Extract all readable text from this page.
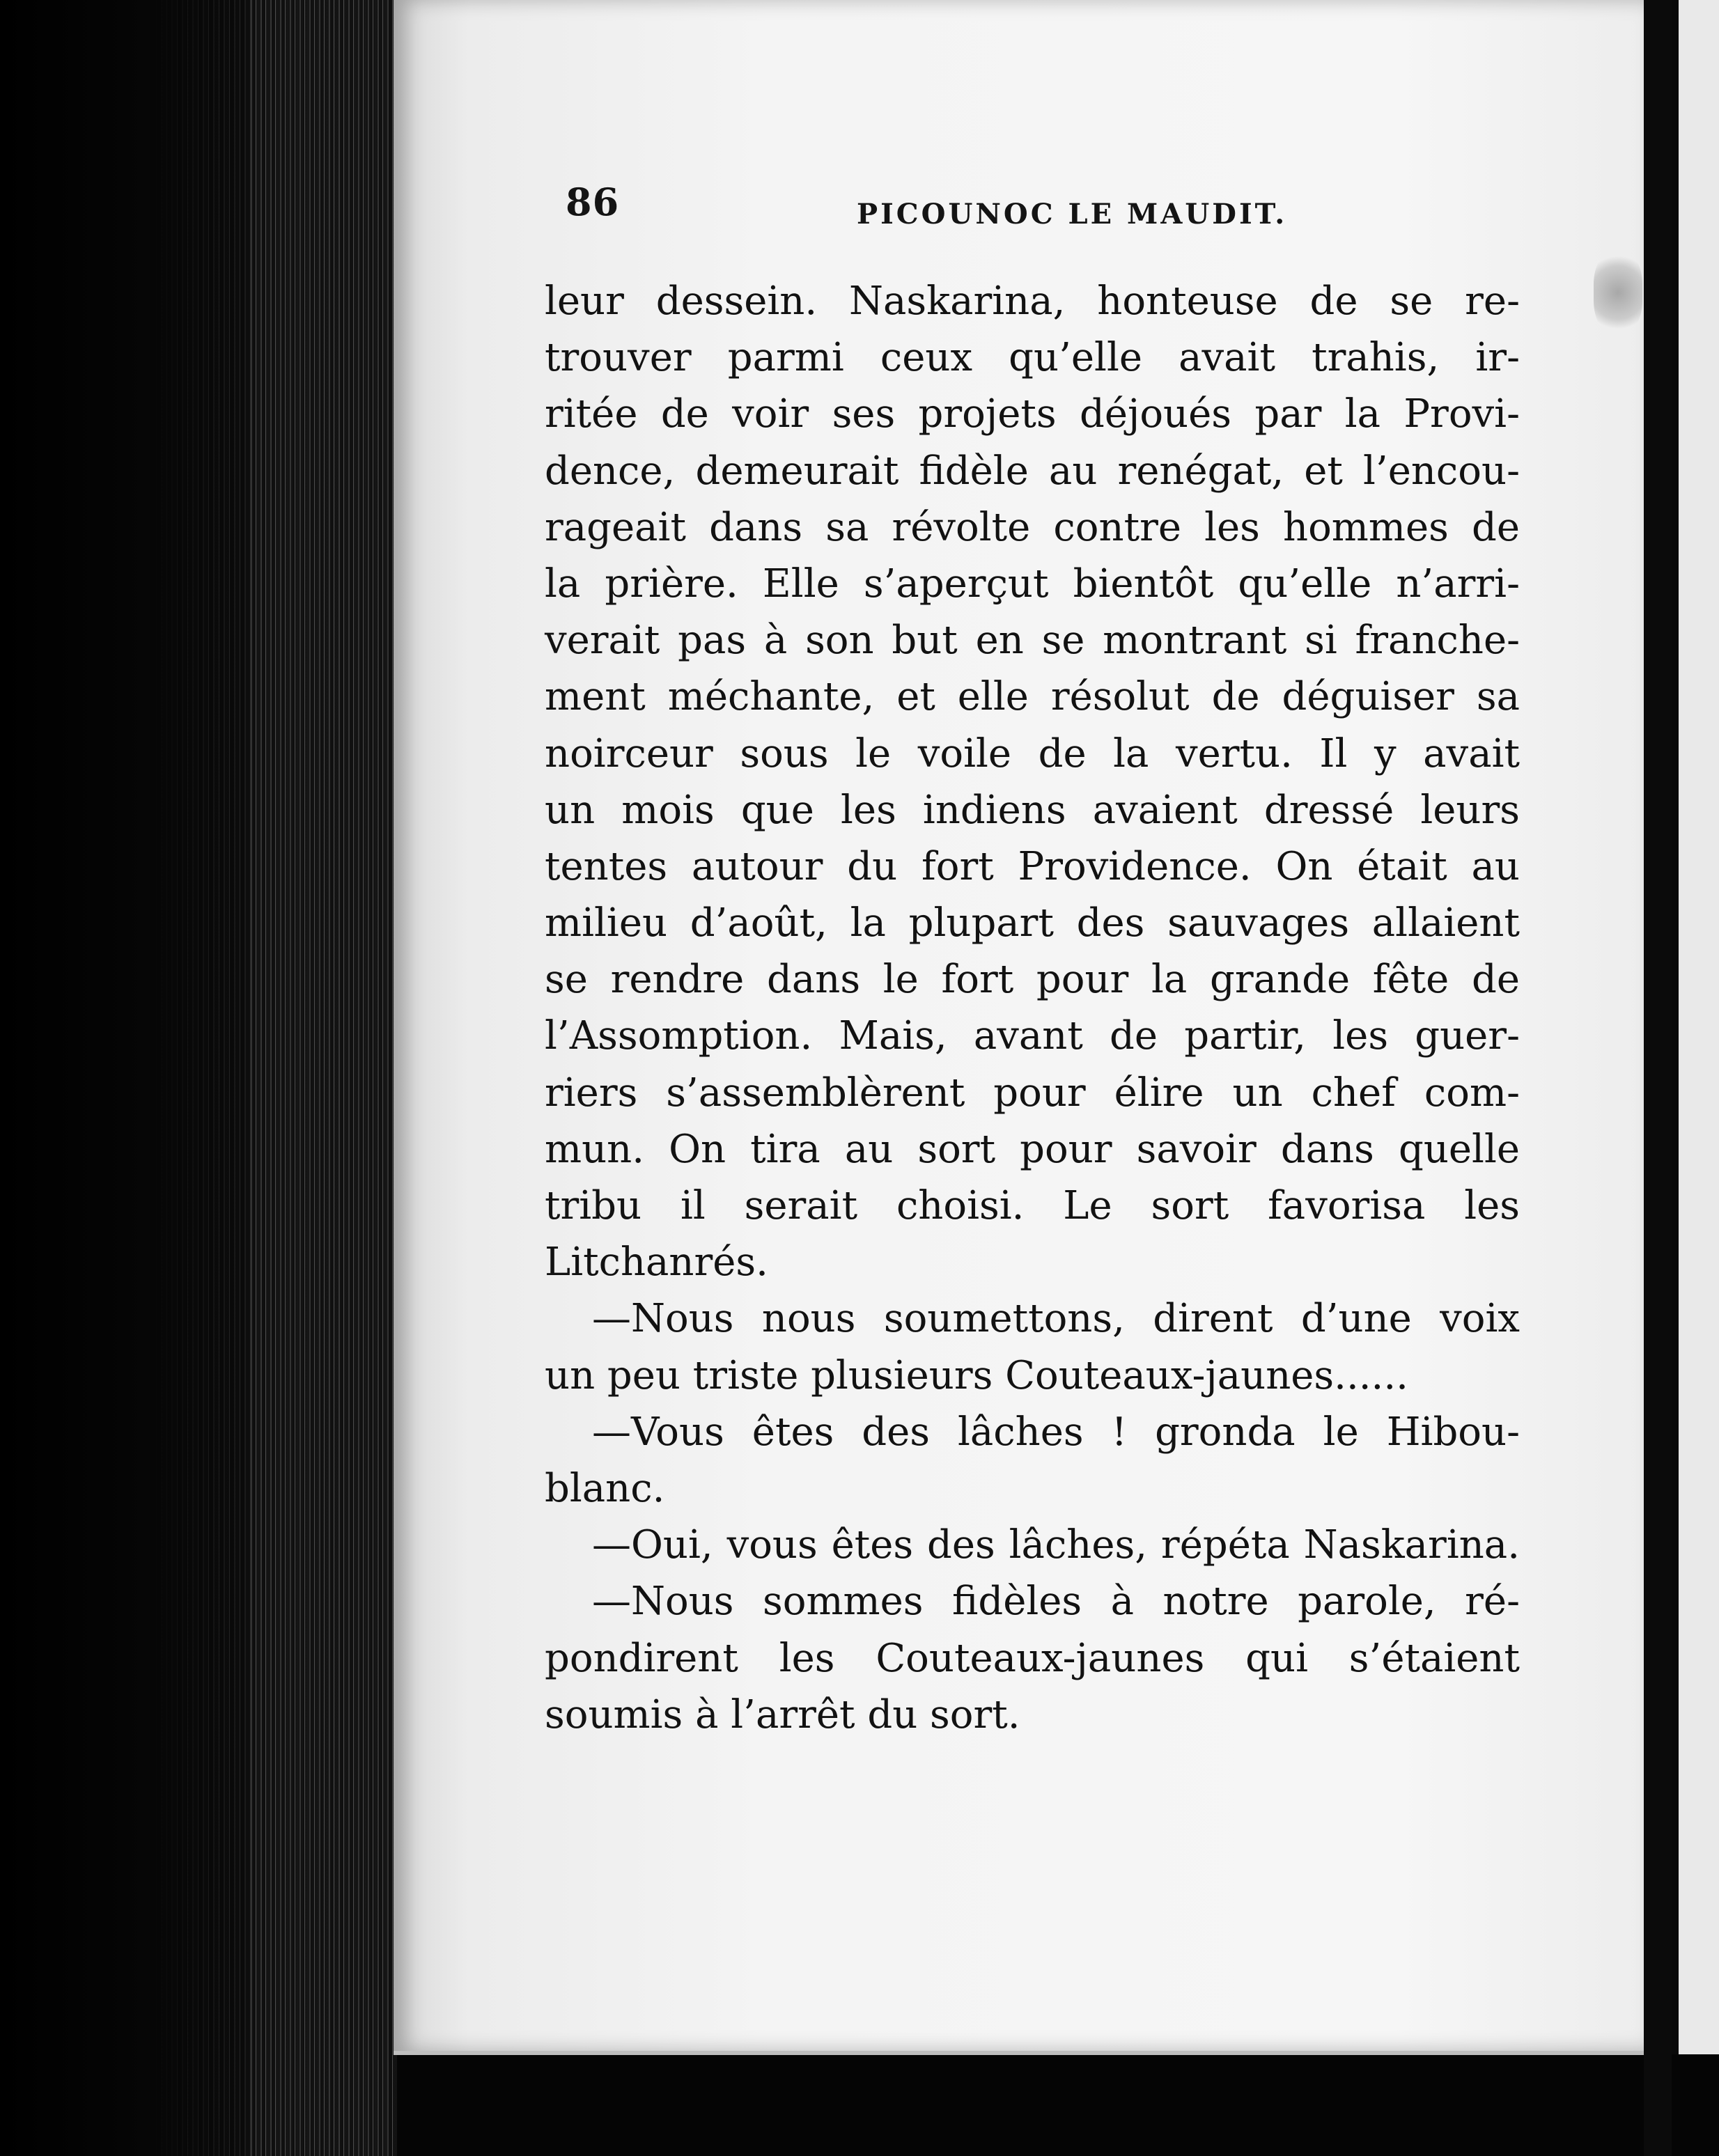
86	PICOUNOC LE MAUDIT.
leur dessein. Naskarina, honteuse de se re-
trouver parmi ceux qu’elle avait trahis, ir-
ritée de voir ses projets déjoués par la Provi-
dence, demeurait fidèle au renégat, et l’encou-
rageait dans sa révolte contre les hommes de
la prière. Elle s’aperçut bientôt qu’elle n’arri-
verait pas à son but en se montrant si franche-
ment méchante, et elle résolut de déguiser sa
noirceur sous le voile de la vertu. Il y avait
un mois que les indiens avaient dressé leurs
tentes autour du fort Providence. On était au
milieu d’août, la plupart des sauvages allaient
se rendre dans le fort pour la grande fête de
l’Assomption. Mais, avant de partir, les guer-
riers s’assemblèrent pour élire un chef com-
mun. On tira au sort pour savoir dans quelle
tribu il serait choisi. Le sort favorisa les
Litchanrés.
—Nous nous soumettons, dirent d’une voix
un peu triste plusieurs Couteaux-jaunes......
—Vous êtes des lâches ! gronda le Hibou-
blanc.
—Oui, vous êtes des lâches, répéta Naskarina.
—Nous sommes fidèles à notre parole, ré-
pondirent les Couteaux-jaunes qui s’étaient
soumis à l’arrêt du sort.
